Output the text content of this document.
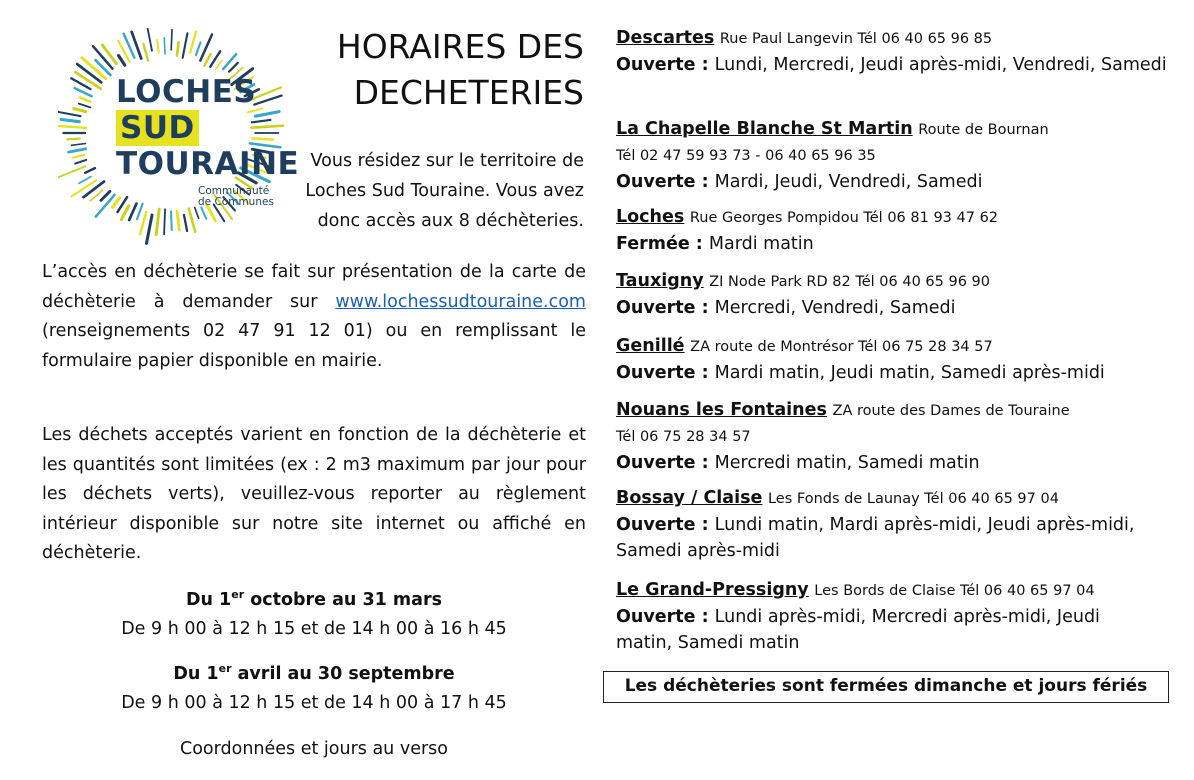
LOCHES
SUD
TOURAINE
Communauté
de Communes
HORAIRES DES
DECHETERIES
Vous résidez sur le territoire de Loches Sud Touraine. Vous avez donc accès aux 8 déchèteries.
L’accès en déchèterie se fait sur présentation de la carte de déchèterie à demander sur www.lochessudtouraine.com (renseignements 02 47 91 12 01) ou en remplissant le formulaire papier disponible en mairie.
Les déchets acceptés varient en fonction de la déchèterie et les quantités sont limitées (ex : 2 m3 maximum par jour pour les déchets verts), veuillez-vous reporter au règlement intérieur disponible sur notre site internet ou affiché en déchèterie.
Du 1er octobre au 31 mars
De 9 h 00 à 12 h 15 et de 14 h 00 à 16 h 45
Du 1er avril au 30 septembre
De 9 h 00 à 12 h 15 et de 14 h 00 à 17 h 45
Coordonnées et jours au verso
Descartes Rue Paul Langevin Tél 06 40 65 96 85
Ouverte : Lundi, Mercredi, Jeudi après-midi, Vendredi, Samedi
La Chapelle Blanche St Martin Route de Bournan
Tél 02 47 59 93 73 - 06 40 65 96 35
Ouverte : Mardi, Jeudi, Vendredi, Samedi
Loches Rue Georges Pompidou Tél 06 81 93 47 62
Fermée : Mardi matin
Tauxigny ZI Node Park RD 82 Tél 06 40 65 96 90
Ouverte : Mercredi, Vendredi, Samedi
Genillé ZA route de Montrésor Tél 06 75 28 34 57
Ouverte : Mardi matin, Jeudi matin, Samedi après-midi
Nouans les Fontaines ZA route des Dames de Touraine
Tél 06 75 28 34 57
Ouverte : Mercredi matin, Samedi matin
Bossay / Claise Les Fonds de Launay Tél 06 40 65 97 04
Ouverte : Lundi matin, Mardi après-midi, Jeudi après-midi, Samedi après-midi
Le Grand-Pressigny Les Bords de Claise Tél 06 40 65 97 04
Ouverte : Lundi après-midi, Mercredi après-midi, Jeudi matin, Samedi matin
Les déchèteries sont fermées dimanche et jours fériés
